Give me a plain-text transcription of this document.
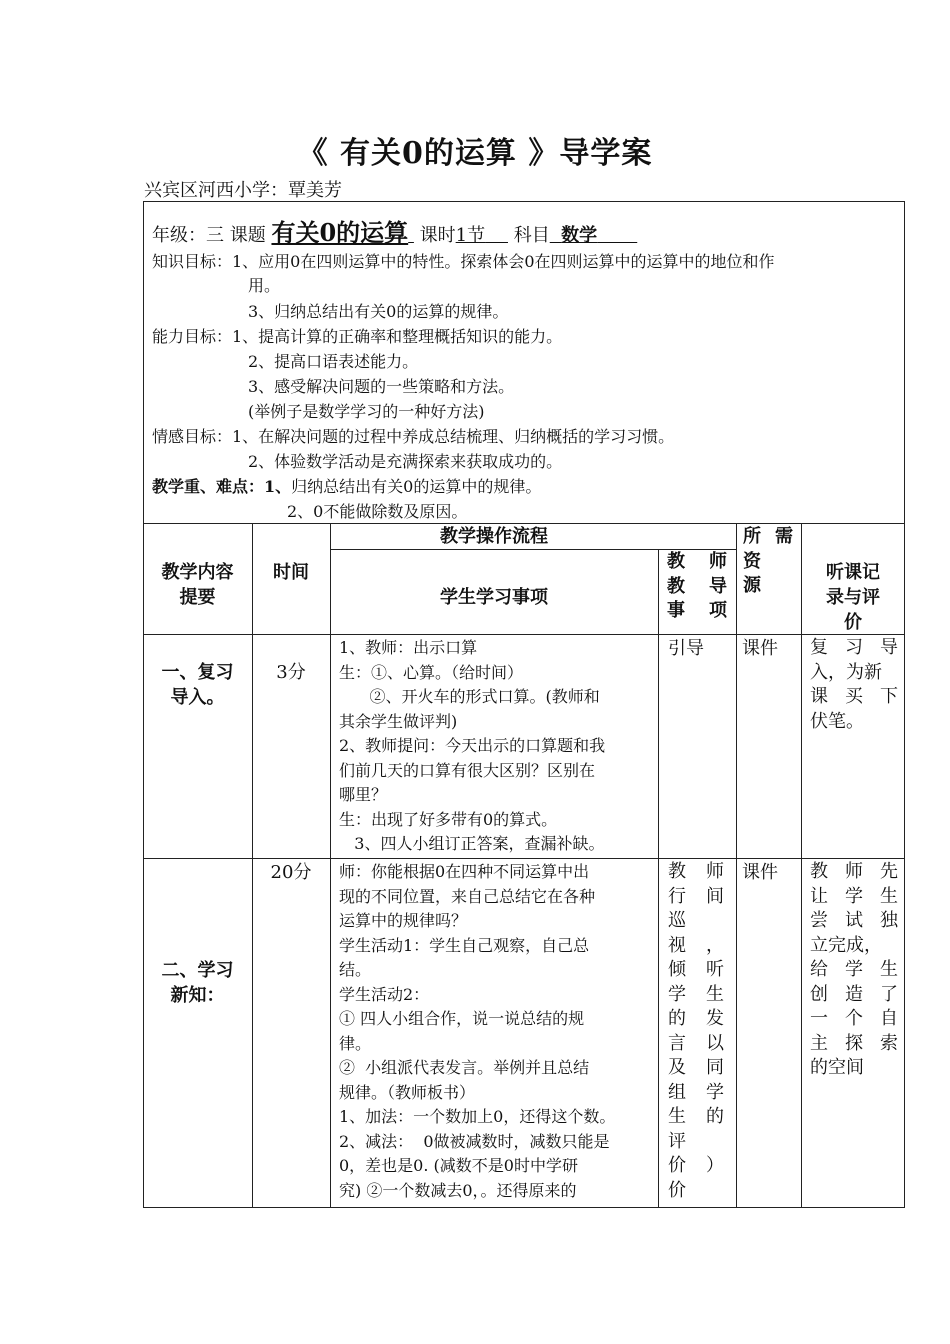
《 有关0的运算 》导学案
兴宾区河西小学：覃美芳
年级：三 课题 有关0的运算 课时1节 科目 数学
知识目标：1、应用0在四则运算中的特性。探索体会0在四则运算中的运算中的地位和作
用。
3、归纳总结出有关0的运算的规律。
能力目标：1、提高计算的正确率和整理概括知识的能力。
2、提高口语表述能力。
3、感受解决问题的一些策略和方法。
(举例子是数学学习的一种好方法)
情感目标：1、在解决问题的过程中养成总结梳理、归纳概括的学习习惯。
2、体验数学活动是充满探索来获取成功的。
教学重、难点：1、归纳总结出有关0的运算中的规律。
2、0不能做除数及原因。
教学内容
提要
时间
教学操作流程
学生学习事项
教 师
教 导
事 项
所 需
资
源
听课记
录与评
价
一、复习
导入。
3分
1、教师：出示口算
生：①、心算。（给时间）
②、开火车的形式口算。(教师和
其余学生做评判)
2、教师提问：今天出示的口算题和我
们前几天的口算有很大区别？区别在
哪里？
生：出现了好多带有0的算式。
3、四人小组订正答案，查漏补缺。
引导 课件 复 习 导
入，为新
课 买 下
伏笔。
二、学习
新知：
20分	师：你能根据0在四种不同运算中出
现的不同位置，来自己总结它在各种
运算中的规律吗？
学生活动1：学生自己观察，自己总
结。
学生活动2：
① 四人小组合作，说一说总结的规
律。
②  小组派代表发言。举例并且总结
规律。（教师板书）
1、加法：一个数加上0，还得这个数。
2、减法：  0做被减数时，减数只能是
0，差也是0. (减数不是0时中学研
究) ②一个数减去0，。还得原来的
教 师
行 间
巡
视 ，
倾 听
学 生
的 发
言 以
及 同
组 学
生 的
评
价 ）
价
课件 教 师 先
让 学 生
尝 试 独
立完成，
给 学 生
创 造 了
一 个 自
主 探 索
的空间
